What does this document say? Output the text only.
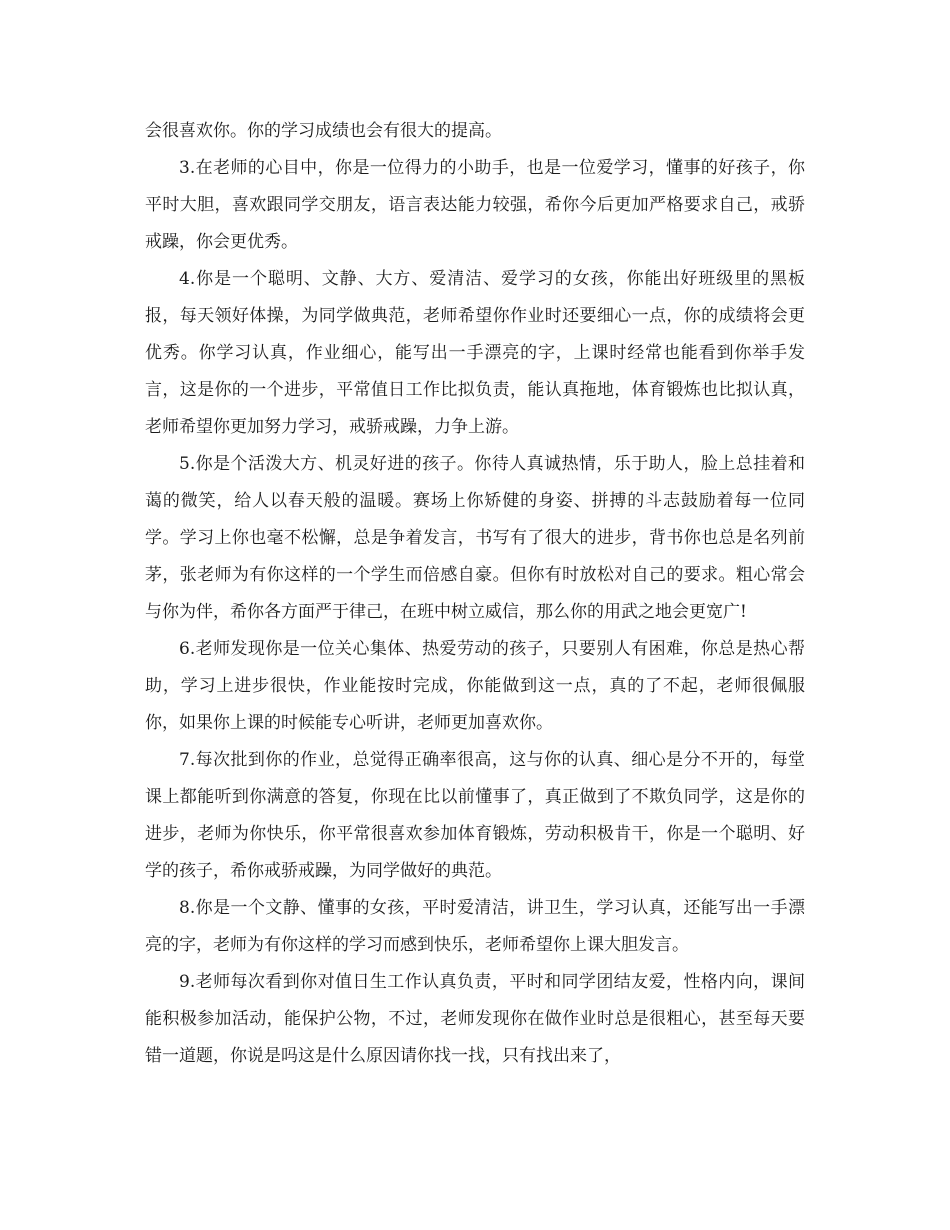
会很喜欢你。你的学习成绩也会有很大的提高。

3.在老师的心目中，你是一位得力的小助手，也是一位爱学习，懂事的好孩子，你平时大胆，喜欢跟同学交朋友，语言表达能力较强，希你今后更加严格要求自己，戒骄戒躁，你会更优秀。

4.你是一个聪明、文静、大方、爱清洁、爱学习的女孩，你能出好班级里的黑板报，每天领好体操，为同学做典范，老师希望你作业时还要细心一点，你的成绩将会更优秀。你学习认真，作业细心，能写出一手漂亮的字，上课时经常也能看到你举手发言，这是你的一个进步，平常值日工作比拟负责，能认真拖地，体育锻炼也比拟认真，老师希望你更加努力学习，戒骄戒躁，力争上游。

5.你是个活泼大方、机灵好进的孩子。你待人真诚热情，乐于助人，脸上总挂着和蔼的微笑，给人以春天般的温暖。赛场上你矫健的身姿、拼搏的斗志鼓励着每一位同学。学习上你也毫不松懈，总是争着发言，书写有了很大的进步，背书你也总是名列前茅，张老师为有你这样的一个学生而倍感自豪。但你有时放松对自己的要求。粗心常会与你为伴，希你各方面严于律己，在班中树立威信，那么你的用武之地会更宽广!

6.老师发现你是一位关心集体、热爱劳动的孩子，只要别人有困难，你总是热心帮助，学习上进步很快，作业能按时完成，你能做到这一点，真的了不起，老师很佩服你，如果你上课的时候能专心听讲，老师更加喜欢你。

7.每次批到你的作业，总觉得正确率很高，这与你的认真、细心是分不开的，每堂课上都能听到你满意的答复，你现在比以前懂事了，真正做到了不欺负同学，这是你的进步，老师为你快乐，你平常很喜欢参加体育锻炼，劳动积极肯干，你是一个聪明、好学的孩子，希你戒骄戒躁，为同学做好的典范。

8.你是一个文静、懂事的女孩，平时爱清洁，讲卫生，学习认真，还能写出一手漂亮的字，老师为有你这样的学习而感到快乐，老师希望你上课大胆发言。

9.老师每次看到你对值日生工作认真负责，平时和同学团结友爱，性格内向，课间能积极参加活动，能保护公物，不过，老师发现你在做作业时总是很粗心，甚至每天要错一道题，你说是吗这是什么原因请你找一找，只有找出来了，
